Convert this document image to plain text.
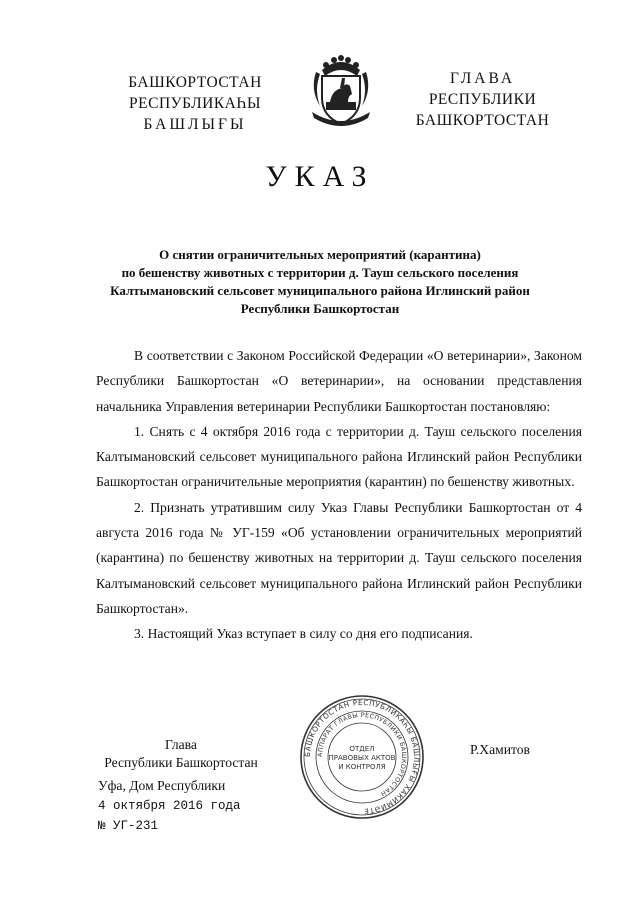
БАШКОРТОСТАН
РЕСПУБЛИКАҺЫ
БАШЛЫҒЫ
ГЛАВА
РЕСПУБЛИКИ
БАШКОРТОСТАН
УКАЗ
О снятии ограничительных мероприятий (карантина)
по бешенству животных с территории д. Тауш сельского поселения
Калтымановский сельсовет муниципального района Иглинский район
Республики Башкортостан

В соответствии с Законом Российской Федерации «О ветеринарии», Законом Республики Башкортостан «О ветеринарии», на основании представления начальника Управления ветеринарии Республики Башкортостан постановляю:

1. Снять с 4 октября 2016 года с территории д. Тауш сельского поселения Калтымановский сельсовет муниципального района Иглинский район Республики Башкортостан ограничительные мероприятия (карантин) по бешенству животных.

2. Признать утратившим силу Указ Главы Республики Башкортостан от 4 августа 2016 года № УГ-159 «Об установлении ограничительных мероприятий (карантина) по бешенству животных на территории д. Тауш сельского поселения Калтымановский сельсовет муниципального района Иглинский район Республики Башкортостан».

3. Настоящий Указ вступает в силу со дня его подписания.

Глава
Республики Башкортостан
БАШКОРТОСТАН РЕСПУБЛИКАҺЫ БАШЛЫҒЫ ХАКИМИӘТЕ
АППАРАТ ГЛАВЫ РЕСПУБЛИКИ БАШКОРТОСТАН
ОТДЕЛ
ПРАВОВЫХ АКТОВ
И КОНТРОЛЯ
Р.Хамитов
Уфа, Дом Республики
4 октября 2016 года
№ УГ-231
